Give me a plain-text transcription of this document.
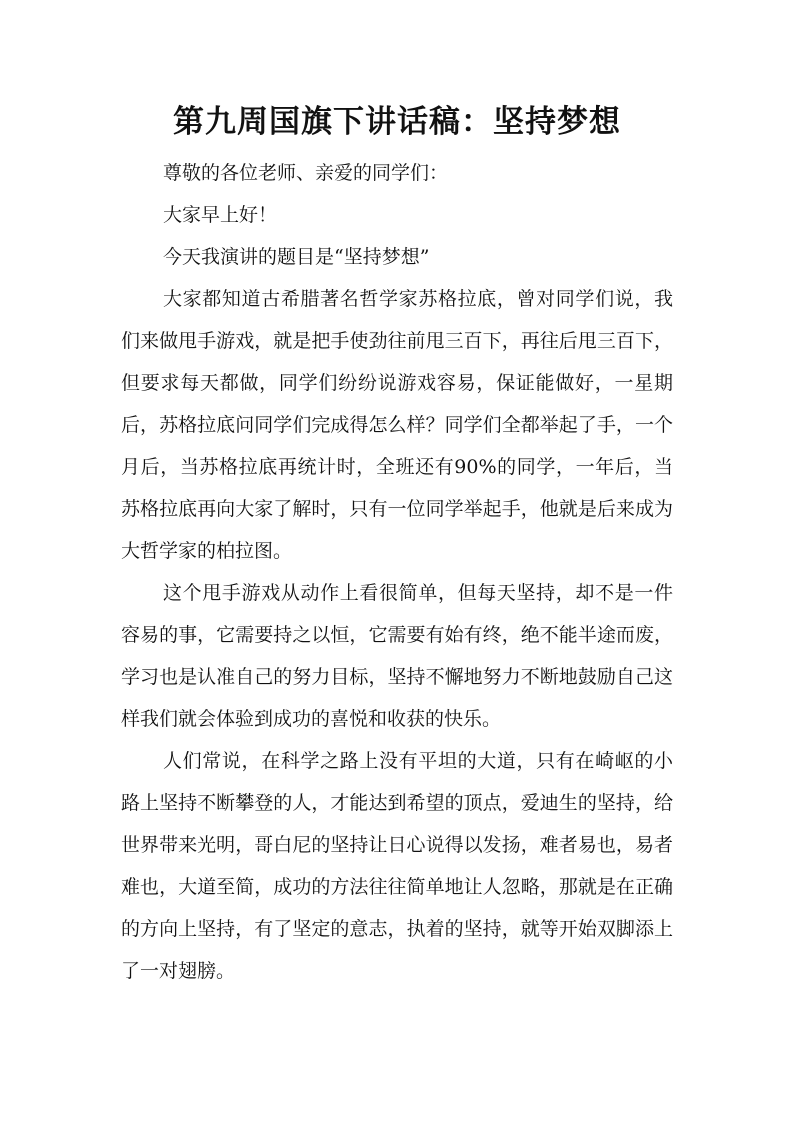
第九周国旗下讲话稿：坚持梦想

尊敬的各位老师、亲爱的同学们：

大家早上好！

今天我演讲的题目是“坚持梦想”

大家都知道古希腊著名哲学家苏格拉底，曾对同学们说，我们来做甩手游戏，就是把手使劲往前甩三百下，再往后甩三百下，但要求每天都做，同学们纷纷说游戏容易，保证能做好，一星期后，苏格拉底问同学们完成得怎么样？同学们全都举起了手，一个月后，当苏格拉底再统计时，全班还有90%的同学，一年后，当苏格拉底再向大家了解时，只有一位同学举起手，他就是后来成为大哲学家的柏拉图。

这个甩手游戏从动作上看很简单，但每天坚持，却不是一件容易的事，它需要持之以恒，它需要有始有终，绝不能半途而废，学习也是认准自己的努力目标，坚持不懈地努力不断地鼓励自己这样我们就会体验到成功的喜悦和收获的快乐。

人们常说，在科学之路上没有平坦的大道，只有在崎岖的小路上坚持不断攀登的人，才能达到希望的顶点，爱迪生的坚持，给世界带来光明，哥白尼的坚持让日心说得以发扬，难者易也，易者难也，大道至简，成功的方法往往简单地让人忽略，那就是在正确的方向上坚持，有了坚定的意志，执着的坚持，就等开始双脚添上了一对翅膀。
